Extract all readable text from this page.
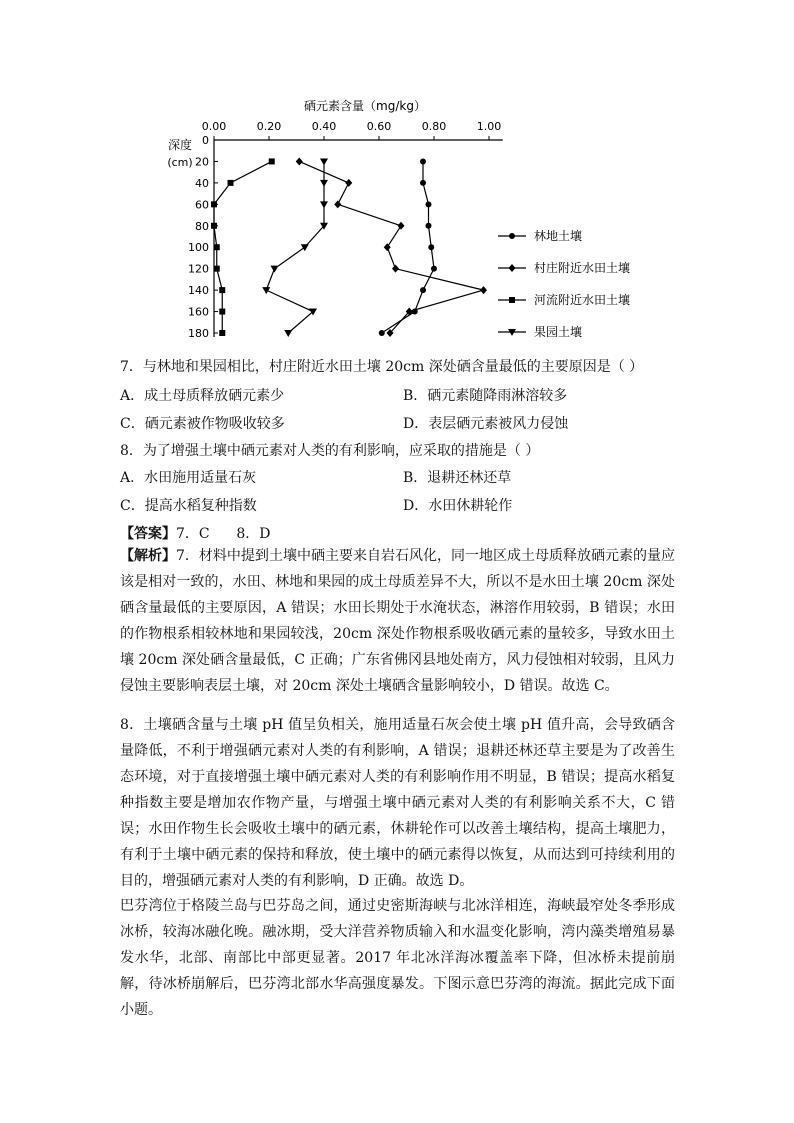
硒元素含量（mg/kg）
深度
(cm)
0.00	0.20	0.40	0.60	0.80	1.00
0
20
40
60
80
100
120
140
160
180
林地土壤
村庄附近水田土壤
河流附近水田土壤
果园土壤
7．与林地和果园相比，村庄附近水田土壤 20cm 深处硒含量最低的主要原因是（ ）
A．成土母质释放硒元素少	B．硒元素随降雨淋溶较多
C．硒元素被作物吸收较多	D．表层硒元素被风力侵蚀
8．为了增强土壤中硒元素对人类的有利影响，应采取的措施是（ ）
A．水田施用适量石灰	B．退耕还林还草
C．提高水稻复种指数	D．水田休耕轮作
【答案】7．C      8．D

【解析】7．材料中提到土壤中硒主要来自岩石风化，同一地区成土母质释放硒元素的量应该是相对一致的，水田、林地和果园的成土母质差异不大，所以不是水田土壤 20cm 深处硒含量最低的主要原因，A 错误；水田长期处于水淹状态，淋溶作用较弱，B 错误；水田的作物根系相较林地和果园较浅，20cm 深处作物根系吸收硒元素的量较多，导致水田土壤 20cm 深处硒含量最低，C 正确；广东省佛冈县地处南方，风力侵蚀相对较弱，且风力侵蚀主要影响表层土壤，对 20cm 深处土壤硒含量影响较小，D 错误。故选 C。

8．土壤硒含量与土壤 pH 值呈负相关，施用适量石灰会使土壤 pH 值升高，会导致硒含量降低，不利于增强硒元素对人类的有利影响，A 错误；退耕还林还草主要是为了改善生态环境，对于直接增强土壤中硒元素对人类的有利影响作用不明显，B 错误；提高水稻复种指数主要是增加农作物产量，与增强土壤中硒元素对人类的有利影响关系不大，C 错误；水田作物生长会吸收土壤中的硒元素，休耕轮作可以改善土壤结构，提高土壤肥力，有利于土壤中硒元素的保持和释放，使土壤中的硒元素得以恢复，从而达到可持续利用的目的，增强硒元素对人类的有利影响，D 正确。故选 D。

巴芬湾位于格陵兰岛与巴芬岛之间，通过史密斯海峡与北冰洋相连，海峡最窄处冬季形成冰桥，较海冰融化晚。融冰期，受大洋营养物质输入和水温变化影响，湾内藻类增殖易暴发水华，北部、南部比中部更显著。2017 年北冰洋海冰覆盖率下降，但冰桥未提前崩解，待冰桥崩解后，巴芬湾北部水华高强度暴发。下图示意巴芬湾的海流。据此完成下面小题。
